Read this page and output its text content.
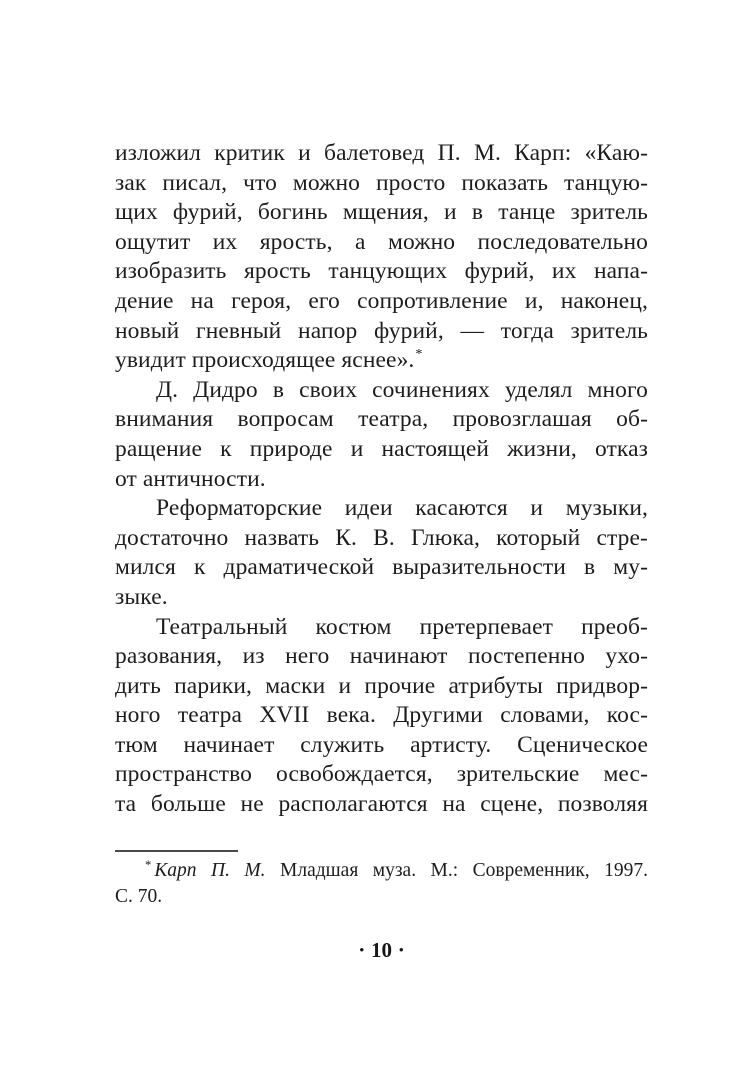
изложил критик и балетовед П. М. Карп: «Каю-
зак писал, что можно просто показать танцую-
щих фурий, богинь мщения, и в танце зритель
ощутит их ярость, а можно последовательно
изобразить ярость танцующих фурий, их напа-
дение на героя, его сопротивление и, наконец,
новый гневный напор фурий, — тогда зритель
увидит происходящее яснее».*
Д. Дидро в своих сочинениях уделял много
внимания вопросам театра, провозглашая об-
ращение к природе и настоящей жизни, отказ
от античности.
Реформаторские идеи касаются и музыки,
достаточно назвать К. В. Глюка, который стре-
мился к драматической выразительности в му-
зыке.
Театральный костюм претерпевает преоб-
разования, из него начинают постепенно ухо-
дить парики, маски и прочие атрибуты придвор-
ного театра XVII века. Другими словами, кос-
тюм начинает служить артисту. Сценическое
пространство освобождается, зрительские мес-
та больше не располагаются на сцене, позволяя
* Карп П. М. Младшая муза. М.: Современник, 1997.
С. 70.
• 10 •
